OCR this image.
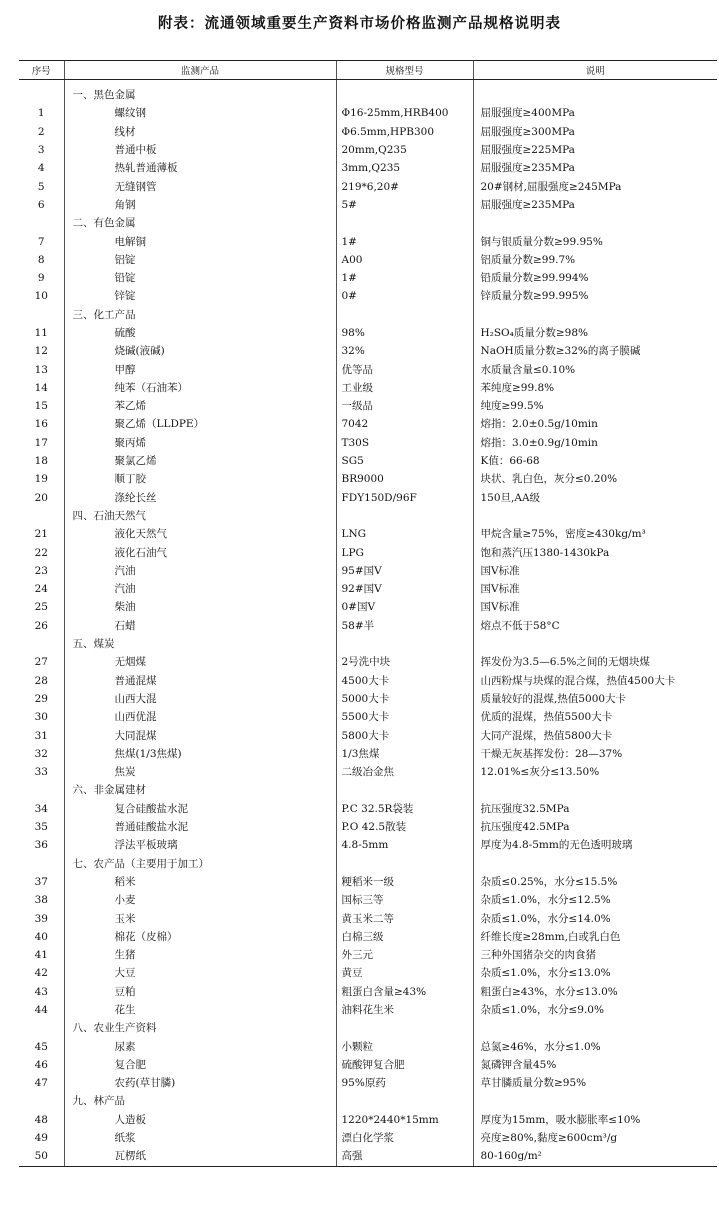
附表：流通领域重要生产资料市场价格监测产品规格说明表
序号	监测产品	规格型号	说明

	一、黑色金属		
1	螺纹钢	Φ16-25mm,HRB400	屈服强度≥400MPa
2	线材	Φ6.5mm,HPB300	屈服强度≥300MPa
3	普通中板	20mm,Q235	屈服强度≥225MPa
4	热轧普通薄板	3mm,Q235	屈服强度≥235MPa
5	无缝钢管	219*6,20#	20#钢材,屈服强度≥245MPa
6	角钢	5#	屈服强度≥235MPa
	二、有色金属		
7	电解铜	1#	铜与银质量分数≥99.95%
8	铝锭	A00	铝质量分数≥99.7%
9	铅锭	1#	铅质量分数≥99.994%
10	锌锭	0#	锌质量分数≥99.995%
	三、化工产品		
11	硫酸	98%	H₂SO₄质量分数≥98%
12	烧碱(液碱)	32%	NaOH质量分数≥32%的离子膜碱
13	甲醇	优等品	水质量含量≤0.10%
14	纯苯（石油苯）	工业级	苯纯度≥99.8%
15	苯乙烯	一级品	纯度≥99.5%
16	聚乙烯（LLDPE）	7042	熔指：2.0±0.5g/10min
17	聚丙烯	T30S	熔指：3.0±0.9g/10min
18	聚氯乙烯	SG5	K值：66-68
19	顺丁胶	BR9000	块状、乳白色，灰分≤0.20%
20	涤纶长丝	FDY150D/96F	150旦,AA级
	四、石油天然气		
21	液化天然气	LNG	甲烷含量≥75%，密度≥430kg/m³
22	液化石油气	LPG	饱和蒸汽压1380-1430kPa
23	汽油	95#国Ⅴ	国Ⅴ标准
24	汽油	92#国Ⅴ	国Ⅴ标准
25	柴油	0#国Ⅴ	国Ⅴ标准
26	石蜡	58#半	熔点不低于58°C
	五、煤炭		
27	无烟煤	2号洗中块	挥发份为3.5—6.5%之间的无烟块煤
28	普通混煤	4500大卡	山西粉煤与块煤的混合煤，热值4500大卡
29	山西大混	5000大卡	质量较好的混煤,热值5000大卡
30	山西优混	5500大卡	优质的混煤，热值5500大卡
31	大同混煤	5800大卡	大同产混煤，热值5800大卡
32	焦煤(1/3焦煤)	1/3焦煤	干燥无灰基挥发份：28—37%
33	焦炭	二级冶金焦	12.01%≤灰分≤13.50%
	六、非金属建材		
34	复合硅酸盐水泥	P.C 32.5R袋装	抗压强度32.5MPa
35	普通硅酸盐水泥	P.O 42.5散装	抗压强度42.5MPa
36	浮法平板玻璃	4.8-5mm	厚度为4.8-5mm的无色透明玻璃
	七、农产品（主要用于加工）		
37	稻米	粳稻米一级	杂质≤0.25%，水分≤15.5%
38	小麦	国标三等	杂质≤1.0%，水分≤12.5%
39	玉米	黄玉米二等	杂质≤1.0%，水分≤14.0%
40	棉花（皮棉）	白棉三级	纤维长度≥28mm,白或乳白色
41	生猪	外三元	三种外国猪杂交的肉食猪
42	大豆	黄豆	杂质≤1.0%，水分≤13.0%
43	豆粕	粗蛋白含量≥43%	粗蛋白≥43%，水分≤13.0%
44	花生	油料花生米	杂质≤1.0%，水分≤9.0%
	八、农业生产资料		
45	尿素	小颗粒	总氮≥46%，水分≤1.0%
46	复合肥	硫酸钾复合肥	氮磷钾含量45%
47	农药(草甘膦)	95%原药	草甘膦质量分数≥95%
	九、林产品		
48	人造板	1220*2440*15mm	厚度为15mm，吸水膨胀率≤10%
49	纸浆	漂白化学浆	亮度≥80%,黏度≥600cm³/g
50	瓦楞纸	高强	80-160g/m²
